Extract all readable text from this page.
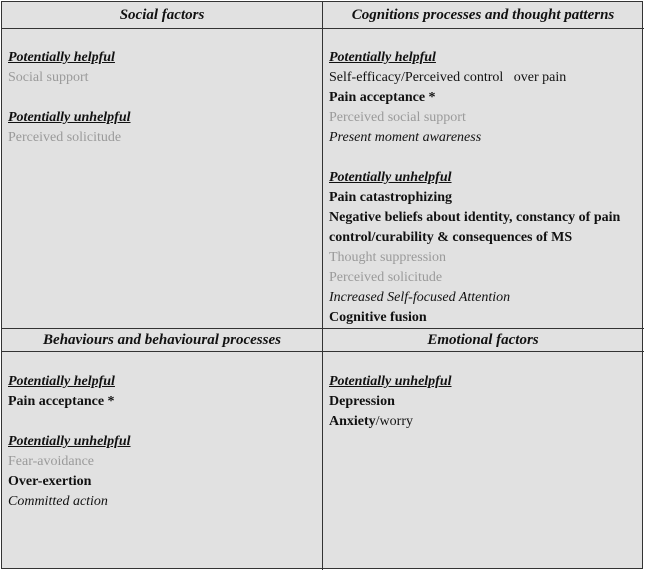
Social factors	Cognitions processes and thought patterns
Behaviours and behavioural processes	Emotional factors
Potentially helpful
Social support
Potentially unhelpful
Perceived solicitude
Potentially helpful
Self-efficacy/Perceived control   over pain
Pain acceptance *
Perceived social support
Present moment awareness
Potentially unhelpful
Pain catastrophizing
Negative beliefs about identity, constancy of pain control/curability & consequences of MS
Thought suppression
Perceived solicitude
Increased Self-focused Attention
Cognitive fusion
Potentially helpful
Pain acceptance *
Potentially unhelpful
Fear-avoidance
Over-exertion
Committed action
Potentially unhelpful
Depression
Anxiety/worry
